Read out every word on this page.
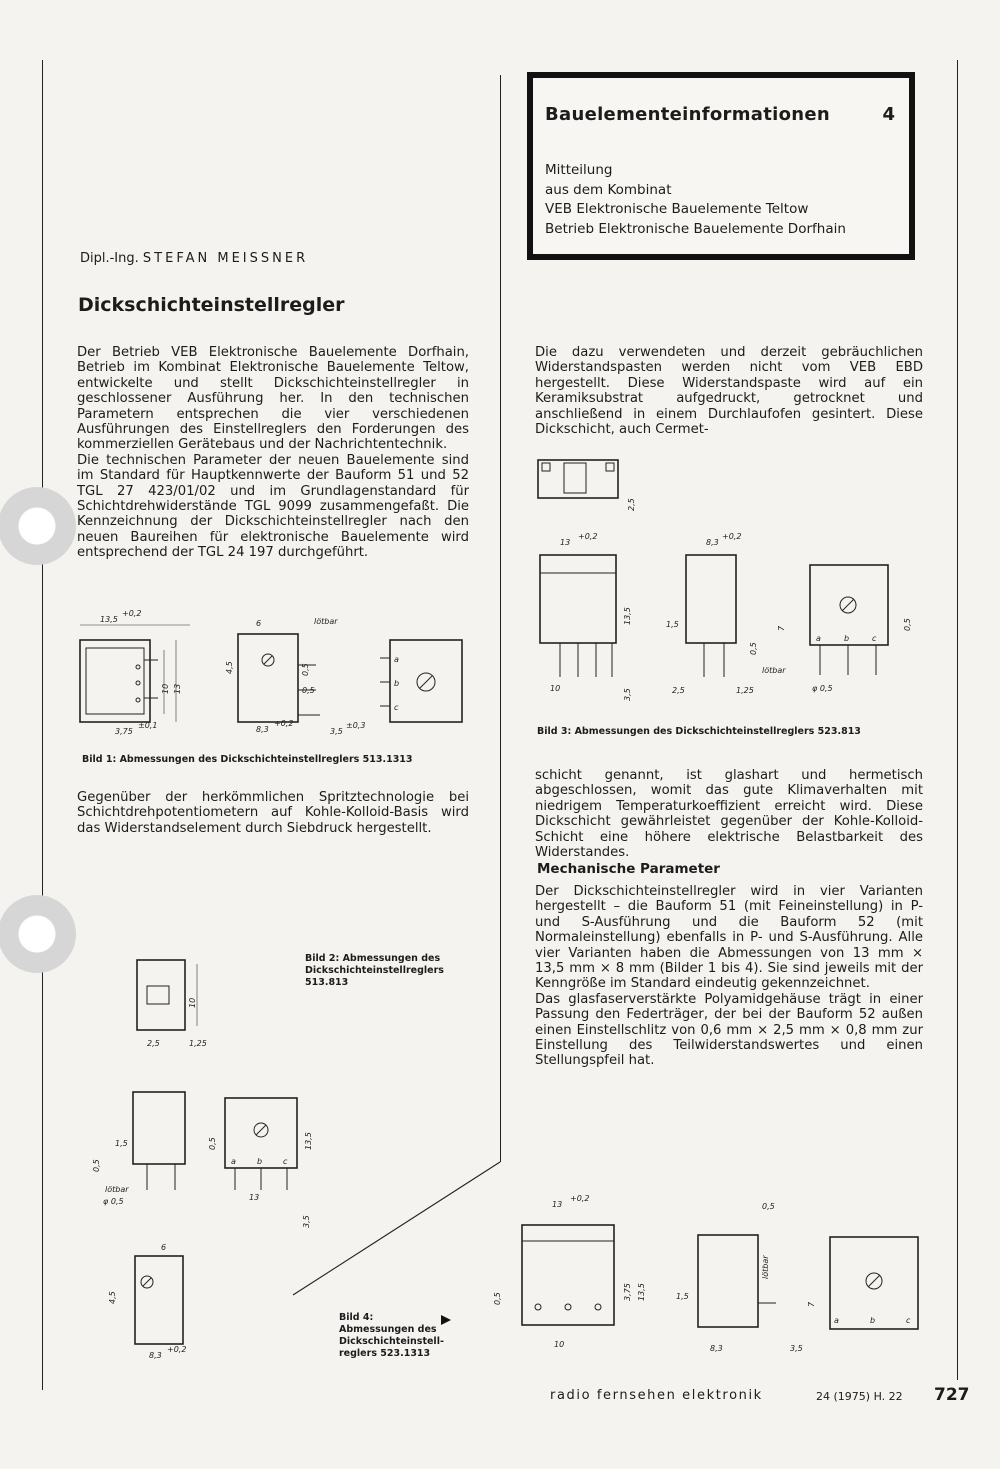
Bauelementeinformationen	4
Mitteilung
aus dem Kombinat
VEB Elektronische Bauelemente Teltow
Betrieb Elektronische Bauelemente Dorfhain
Dipl.-Ing. STEFAN MEISSNER
Dickschichteinstellregler

Der Betrieb VEB Elektronische Bauelemente Dorfhain, Betrieb im Kombinat Elektronische Bauelemente Teltow, entwickelte und stellt Dickschichteinstellregler in geschlossener Ausführung her. In den technischen Parametern entsprechen die vier verschiedenen Ausführungen des Einstellreglers den Forderungen des kommerziellen Gerätebaus und der Nachrichtentechnik.

Die technischen Parameter der neuen Bauelemente sind im Standard für Hauptkennwerte der Bauform 51 und 52 TGL 27 423/01/02 und im Grundlagenstandard für Schichtdrehwiderstände TGL 9099 zusammengefaßt. Die Kennzeichnung der Dickschichteinstellregler nach den neuen Baureihen für elektronische Bauelemente wird entsprechend der TGL 24 197 durchgeführt.

13,5
+0,2
10 13
3,75
±0,1
6
4,5
lötbar
0,5
0,5
8,3
+0,2
3,5
±0,3
a
b
c
Bild 1: Abmessungen des Dickschichteinstellreglers 513.1313

Gegenüber der herkömmlichen Spritztechnologie bei Schichtdrehpotentiometern auf Kohle-Kolloid-Basis wird das Widerstandselement durch Siebdruck hergestellt.

Bild 2: Abmessungen des
Dickschichteinstellreglers
513.813
10
2,5	1,25
1,5
0,5
lötbar
φ 0,5
a	b	c
13,5
13
3,5
0,5
6
4,5
8,3
+0,2
Bild 4:
Abmessungen des
Dickschichteinstell-
reglers 523.1313

Die dazu verwendeten und derzeit gebräuchlichen Widerstandspasten werden nicht vom VEB EBD hergestellt. Diese Widerstandspaste wird auf ein Keramiksubstrat aufgedruckt, getrocknet und anschließend in einem Durchlaufofen gesintert. Diese Dickschicht, auch Cermet-

2,5
13
+0,2
13,5
10	3,5
8,3
+0,2
1,5
0,5
lötbar
2,5	1,25
a	b	c
7	0,5
φ 0,5
Bild 3: Abmessungen des Dickschichteinstellreglers 523.813

schicht genannt, ist glashart und hermetisch abgeschlossen, womit das gute Klimaverhalten mit niedrigem Temperaturkoeffizient erreicht wird. Diese Dickschicht gewährleistet gegenüber der Kohle-Kolloid-Schicht eine höhere elektrische Belastbarkeit des Widerstandes.

Mechanische Parameter

Der Dickschichteinstellregler wird in vier Varianten hergestellt – die Bauform 51 (mit Feineinstellung) in P- und S-Ausführung und die Bauform 52 (mit Normaleinstellung) ebenfalls in P- und S-Ausführung. Alle vier Varianten haben die Abmessungen von 13 mm × 13,5 mm × 8 mm (Bilder 1 bis 4). Sie sind jeweils mit der Kenngröße im Standard eindeutig gekennzeichnet.

Das glasfaserverstärkte Polyamidgehäuse trägt in einer Passung den Federträger, der bei der Bauform 52 außen einen Einstellschlitz von 0,6 mm × 2,5 mm × 0,8 mm zur Einstellung des Teilwiderstandswertes und einen Stellungspfeil hat.

13
+0,2
0,5	3,75 13,5
10
0,5
1,5
lötbar
8,3	3,5
a	b	c
7
radio fernsehen elektronik	24 (1975) H. 22 727
